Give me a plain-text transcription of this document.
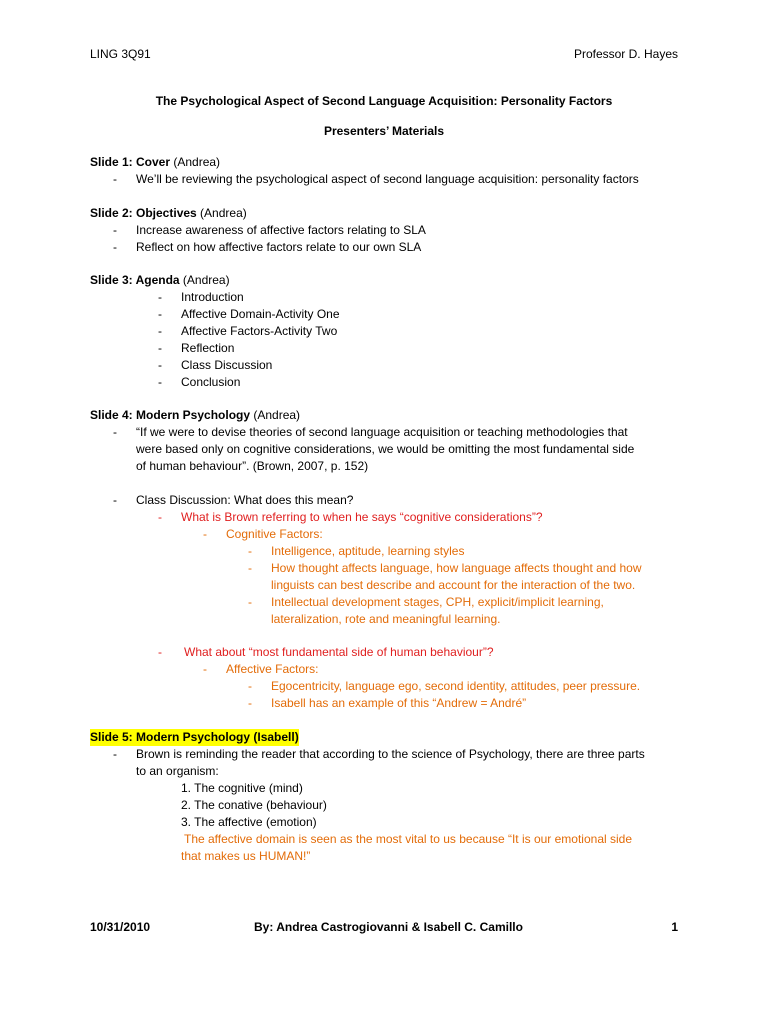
LING 3Q91	Professor D. Hayes
The Psychological Aspect of Second Language Acquisition: Personality Factors
Presenters’ Materials
Slide 1: Cover (Andrea)
- We’ll be reviewing the psychological aspect of second language acquisition: personality factors
Slide 2: Objectives (Andrea)
- Increase awareness of affective factors relating to SLA
- Reflect on how affective factors relate to our own SLA
Slide 3: Agenda (Andrea)
- Introduction
- Affective Domain-Activity One
- Affective Factors-Activity Two
- Reflection
- Class Discussion
- Conclusion
Slide 4: Modern Psychology (Andrea)
- “If we were to devise theories of second language acquisition or teaching methodologies that
were based only on cognitive considerations, we would be omitting the most fundamental side
of human behaviour”. (Brown, 2007, p. 152)
- Class Discussion: What does this mean?
- What is Brown referring to when he says “cognitive considerations”?
- Cognitive Factors:
- Intelligence, aptitude, learning styles
- How thought affects language, how language affects thought and how
linguists can best describe and account for the interaction of the two.
- Intellectual development stages, CPH, explicit/implicit learning,
lateralization, rote and meaningful learning.
- What about “most fundamental side of human behaviour”?
- Affective Factors:
- Egocentricity, language ego, second identity, attitudes, peer pressure.
- Isabell has an example of this “Andrew = André”
Slide 5: Modern Psychology (Isabell)
- Brown is reminding the reader that according to the science of Psychology, there are three parts
to an organism:
1. The cognitive (mind)
2. The conative (behaviour)
3. The affective (emotion)
The affective domain is seen as the most vital to us because “It is our emotional side
that makes us HUMAN!”
10/31/2010	By: Andrea Castrogiovanni & Isabell C. Camillo	1
